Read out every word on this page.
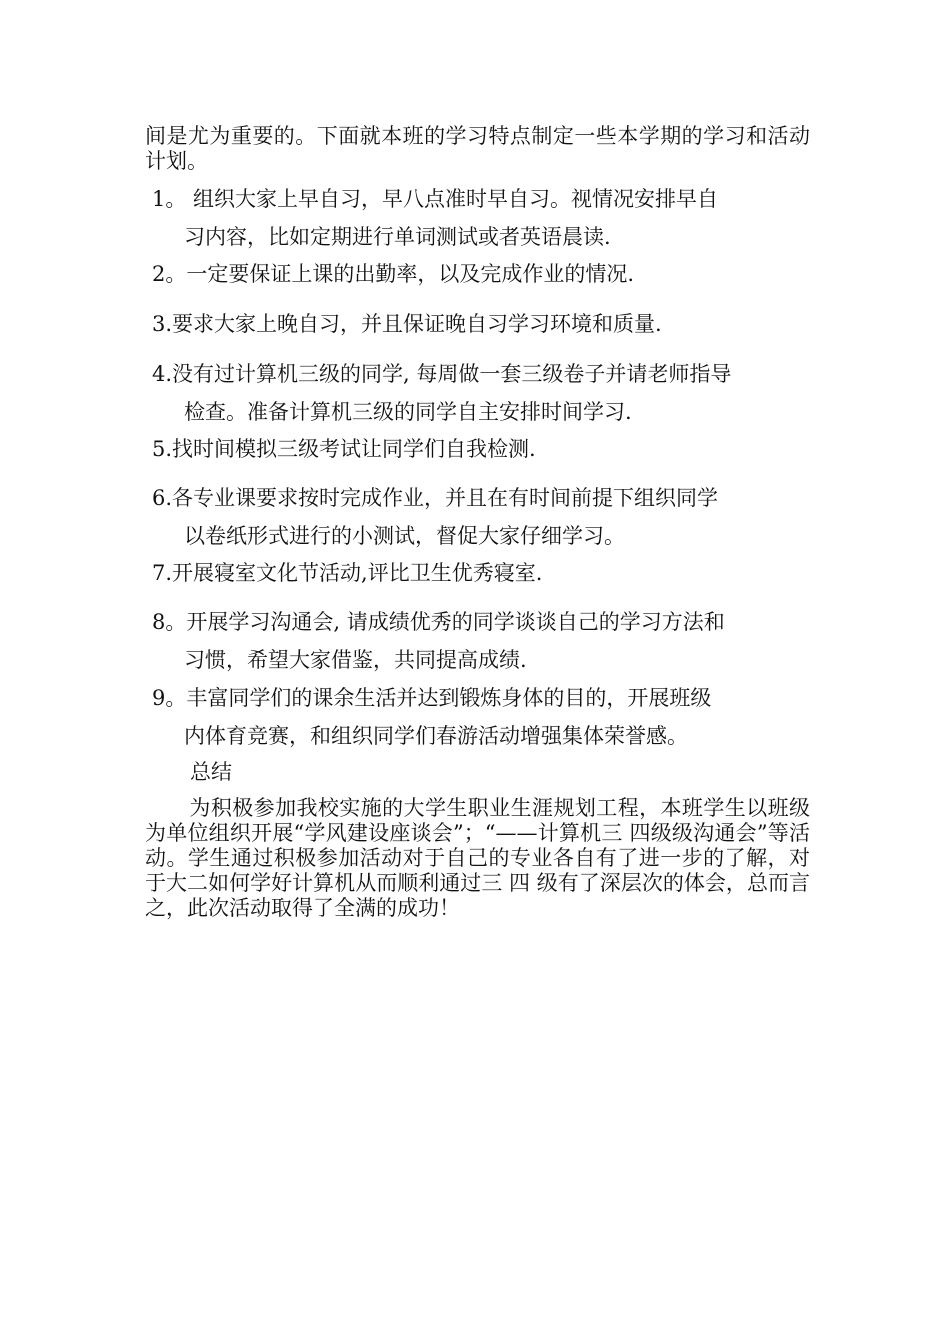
间是尤为重要的。下面就本班的学习特点制定一些本学期的学习和活动计划。

1。 组织大家上早自习，早八点准时早自习。视情况安排早自
习内容，比如定期进行单词测试或者英语晨读.
2。一定要保证上课的出勤率，以及完成作业的情况.
3.要求大家上晚自习，并且保证晚自习学习环境和质量.
4.没有过计算机三级的同学, 每周做一套三级卷子并请老师指导
检查。准备计算机三级的同学自主安排时间学习.
5.找时间模拟三级考试让同学们自我检测.
6.各专业课要求按时完成作业，并且在有时间前提下组织同学
以卷纸形式进行的小测试，督促大家仔细学习。
7.开展寝室文化节活动,评比卫生优秀寝室.
8。开展学习沟通会, 请成绩优秀的同学谈谈自己的学习方法和
习惯，希望大家借鉴，共同提高成绩.
9。丰富同学们的课余生活并达到锻炼身体的目的，开展班级
内体育竞赛，和组织同学们春游活动增强集体荣誉感。
总结

为积极参加我校实施的大学生职业生涯规划工程，本班学生以班级为单位组织开展“学风建设座谈会”；“——计算机三 四级级沟通会”等活动。学生通过积极参加活动对于自己的专业各自有了进一步的了解，对于大二如何学好计算机从而顺利通过三 四 级有了深层次的体会，总而言之，此次活动取得了全满的成功！
